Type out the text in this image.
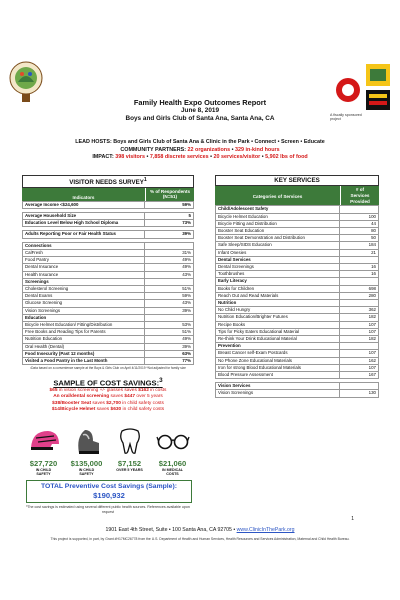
A fiscally sponsored project
Family Health Expo Outcomes Report
June 8, 2019
Boys and Girls Club of Santa Ana, Santa Ana, CA
LEAD HOSTS: Boys and Girls Club of Santa Ana & Clinic in the Park • Connect • Screen • Educate
COMMUNITY PARTNERS: 22 organizations • 329 in-kind hours
IMPACT: 398 visitors • 7,858 discrete services • 20 services/visitor • 5,902 lbs of food
VISITOR NEEDS SURVEY$^1$
Indicators
% of Respondents
(N=51)
Average Income <$24,600	59%

Average Household Size	5
Education Level Below High School Diploma	73%

Adults Reporting Poor or Fair Health Status	39%

Connections	
CalFresh	31%
Food Pantry	49%
Dental Insurance	49%
Health Insurance	43%
Screenings	
Cholesterol Screening	51%
Dental Exams	59%
Glucose Screening	43%
Vision Screenings	39%
Education	
Bicycle Helmet Education/ Fitting/Distribution	53%
Free Books and Reading Tips for Parents	51%
Nutrition Education	49%
Oral Health (Dental)	39%
Food Insecurity (Past 12 months)	63%
Visited a Food Pantry in the Last Month	77%
¹Data based on a convenience sample at the Boys & Girls Club on April 4/11/2019 *Not adjusted for family size
KEY SERVICES
Categories of Services
# of
Services
Provided
Child/Adolescent Safety	
Bicycle Helmet Education	100
Bicycle Fitting and Distribution	44
Booster Seat Education	80
Booster Seat Demonstration and Distribution	50
Safe Sleep/SIDS Education	184
Infant Onesies	21
Dental Services	
Dental Screenings	16
Toothbrushes	16
Early Literacy	
Books for Children	698
Reach Out and Read Materials	280
Nutrition	
No Child Hungry	362
Nutrition Education/Brighter Futures	182
Recipe Books	107
Tips for Picky Eaters Educational Material	107
Re-think Your Drink Educational Material	182
Prevention	
Breast Cancer self-Exam Postcards	107
No Phone Zone Educational Materials	162
Iron for strong Blood Educational Materials	107
Blood Pressure Assessment	167

Vision Services	
Vision Screenings	130
SAMPLE OF COST SAVINGS:$^3$
$65 in vision screening +/- glasses saves $162 in costs
An oral/dental screening saves $447 over 5 years
$38/Booster Seat saves $2,700 in child safety costs
$14/Bicycle Helmet saves $630 in child safety costs
$27,720
IN CHILD
SAFETY
$135,000
IN CHILD
SAFETY
$7,152
OVER 5 YEARS
$21,060
IN MEDICAL
COSTS
TOTAL Preventive Cost Savings (Sample):
$190,932
³The cost savings is estimated using several different public health sources. References available upon request
1
1901 East 4th Street, Suite • 100 Santa Ana, CA 92705 • www.ClinicInThePark.org
This project is supported, in part, by Grant #H17MC26778 from the U.S. Department of Health and Human Services, Health Resources and Services Administration, Maternal and Child Health Bureau.
